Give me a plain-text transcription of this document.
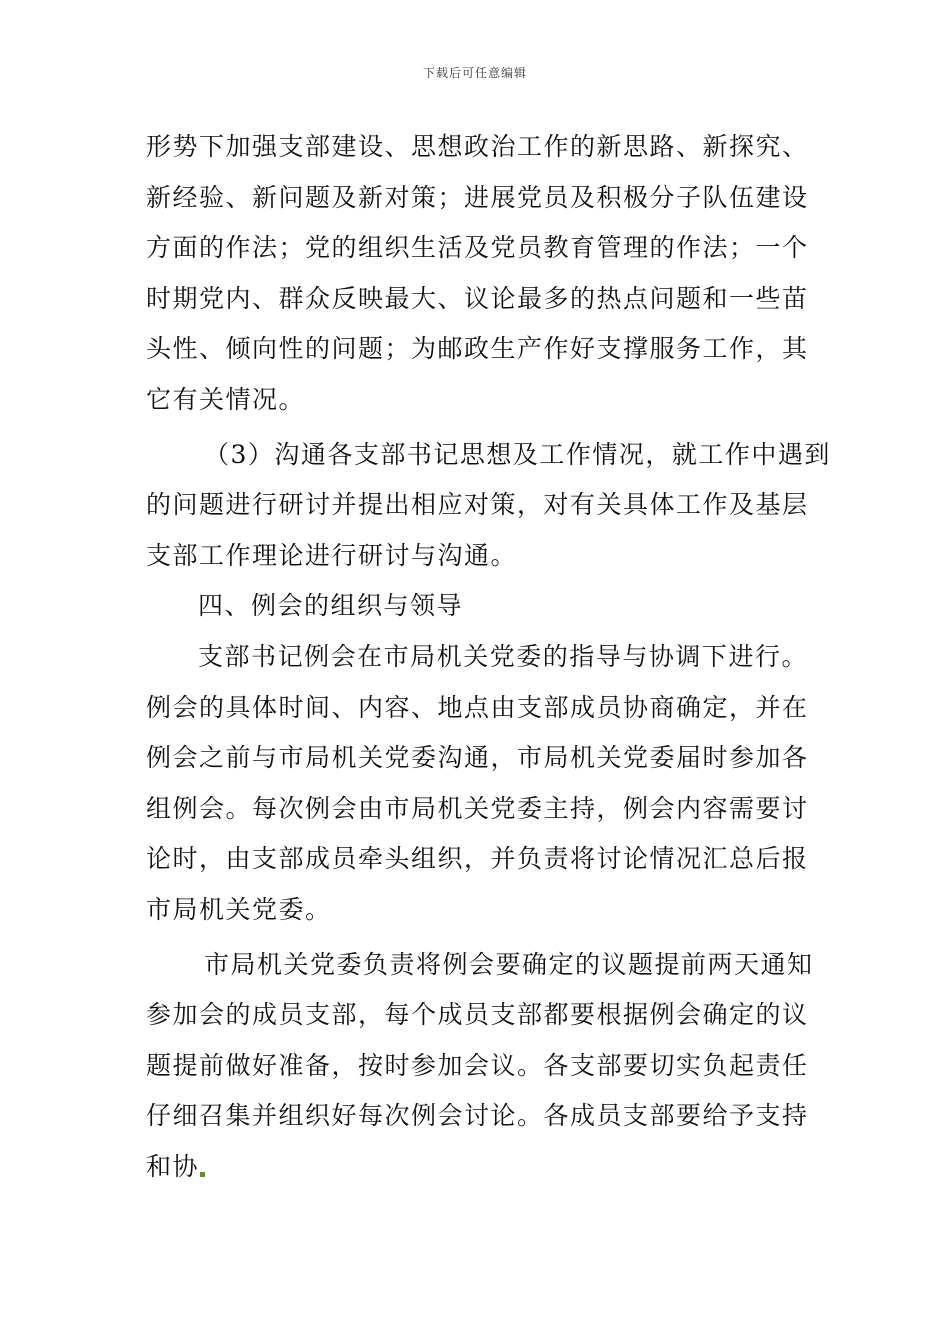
下载后可任意编辑
形势下加强支部建设、思想政治工作的新思路、新探究、
新经验、新问题及新对策；进展党员及积极分子队伍建设
方面的作法；党的组织生活及党员教育管理的作法；一个
时期党内、群众反映最大、议论最多的热点问题和一些苗
头性、倾向性的问题；为邮政生产作好支撑服务工作，其
它有关情况。
（3）沟通各支部书记思想及工作情况，就工作中遇到
的问题进行研讨并提出相应对策，对有关具体工作及基层
支部工作理论进行研讨与沟通。
四、例会的组织与领导
支部书记例会在市局机关党委的指导与协调下进行。
例会的具体时间、内容、地点由支部成员协商确定，并在
例会之前与市局机关党委沟通，市局机关党委届时参加各
组例会。每次例会由市局机关党委主持，例会内容需要讨
论时，由支部成员牵头组织，并负责将讨论情况汇总后报
市局机关党委。
市局机关党委负责将例会要确定的议题提前两天通知
参加会的成员支部，每个成员支部都要根据例会确定的议
题提前做好准备，按时参加会议。各支部要切实负起责任
仔细召集并组织好每次例会讨论。各成员支部要给予支持
和协
